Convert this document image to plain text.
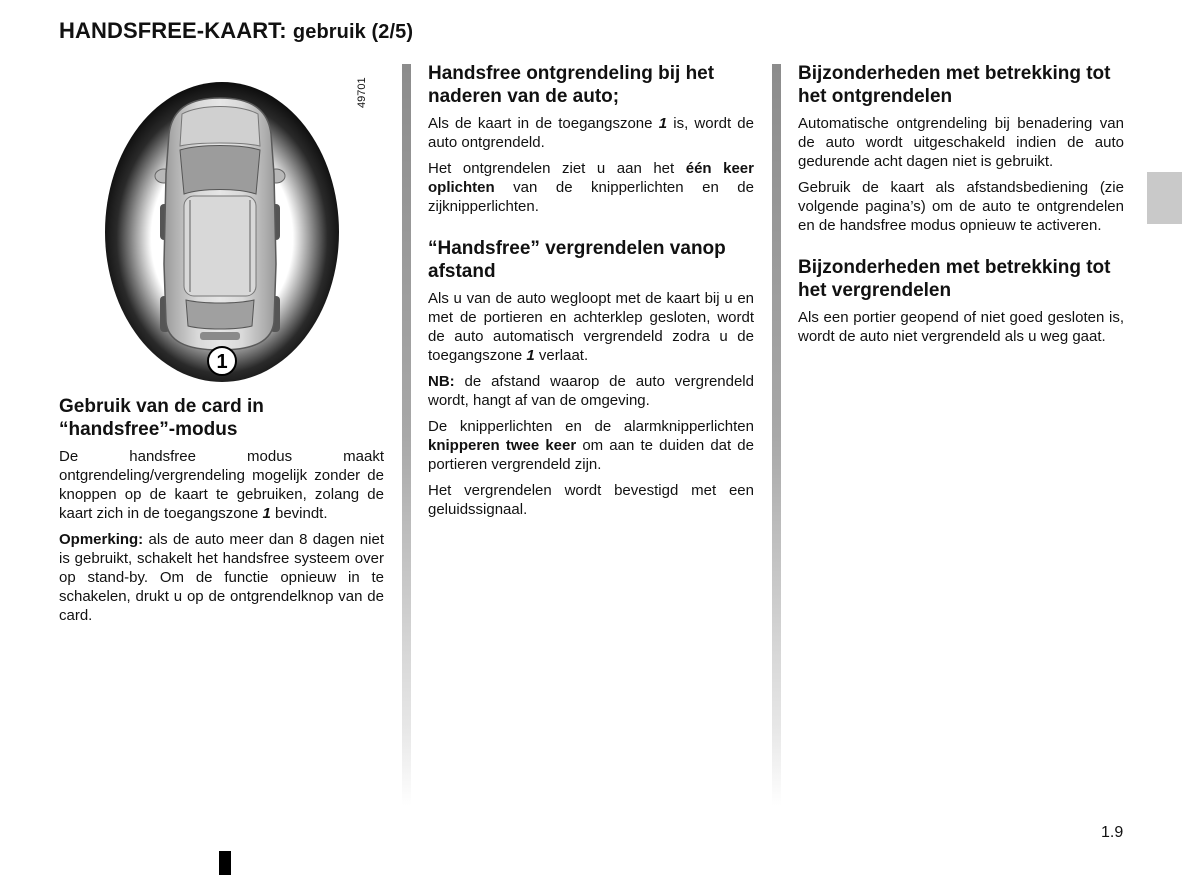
HANDSFREE-KAART: gebruik (2/5)
1
49701
Gebruik van de card in “handsfree”-modus

De handsfree modus maakt ontgrendeling/vergrendeling mogelijk zonder de knoppen op de kaart te gebruiken, zolang de kaart zich in de toegangszone 1 bevindt.

Opmerking: als de auto meer dan 8 dagen niet is gebruikt, schakelt het handsfree systeem over op stand-by. Om de functie opnieuw in te schakelen, drukt u op de ontgrendelknop van de card.

Handsfree ontgrendeling bij het naderen van de auto;

Als de kaart in de toegangszone 1 is, wordt de auto ontgrendeld.

Het ontgrendelen ziet u aan het één keer oplichten van de knipperlichten en de zijknipperlichten.

“Handsfree” vergrendelen vanop afstand

Als u van de auto wegloopt met de kaart bij u en met de portieren en achterklep gesloten, wordt de auto automatisch vergrendeld zodra u de toegangszone 1 verlaat.

NB: de afstand waarop de auto vergrendeld wordt, hangt af van de omgeving.

De knipperlichten en de alarmknipperlichten knipperen twee keer om aan te duiden dat de portieren vergrendeld zijn.

Het vergrendelen wordt bevestigd met een geluidssignaal.

Bijzonderheden met betrekking tot het ontgrendelen

Automatische ontgrendeling bij benadering van de auto wordt uitgeschakeld indien de auto gedurende acht dagen niet is gebruikt.

Gebruik de kaart als afstandsbediening (zie volgende pagina’s) om de auto te ontgrendelen en de handsfree modus opnieuw te activeren.

Bijzonderheden met betrekking tot het vergrendelen

Als een portier geopend of niet goed gesloten is, wordt de auto niet vergrendeld als u weg gaat.

1.9
